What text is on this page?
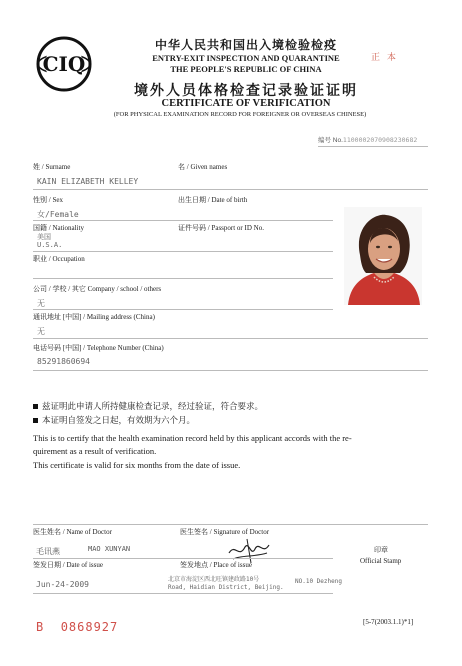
CIQ
中华人民共和国出入境检验检疫
ENTRY-EXIT INSPECTION AND QUARANTINE
THE PEOPLE'S REPUBLIC OF CHINA
境外人员体格检查记录验证证明
CERTIFICATE OF VERIFICATION
(FOR PHYSICAL EXAMINATION RECORD FOR FOREIGNER OR OVERSEAS CHINESE)
正 本
编号 No.110000207090823068​2
姓 / Surname	名 / Given names
KAIN ELIZABETH KELLEY
性别 / Sex	出生日期 / Date of birth
女/Female
国籍 / Nationality	证件号码 / Passport or ID No.
美国
U.S.A.
职业 / Occupation
公司 / 学校 / 其它 Company / school / others
无
通讯地址 [中国] / Mailing address (China)
无
电话号码 [中国] / Telephone Number (China)
85291860694
兹证明此申请人所持健康检查记录，经过验证，符合要求。
本证明自签发之日起，有效期为六个月。
This is to certify that the health examination record held by this applicant accords with the re-
quirement as a result of verification.
This certificate is valid for six months from the date of issue.
医生姓名 / Name of Doctor	医生签名 / Signature of Doctor
毛讯燕	MAO XUNYAN	印章
Official Stamp
签发日期 / Date of issue	签发地点 / Place of issue
Jun-24-2009
北京市海淀区西北旺镇建政路10号
Road, Haidian District, Beijing.
NO.10 Dezheng
B 0868927	[5-7(2003.1.1)*1]
